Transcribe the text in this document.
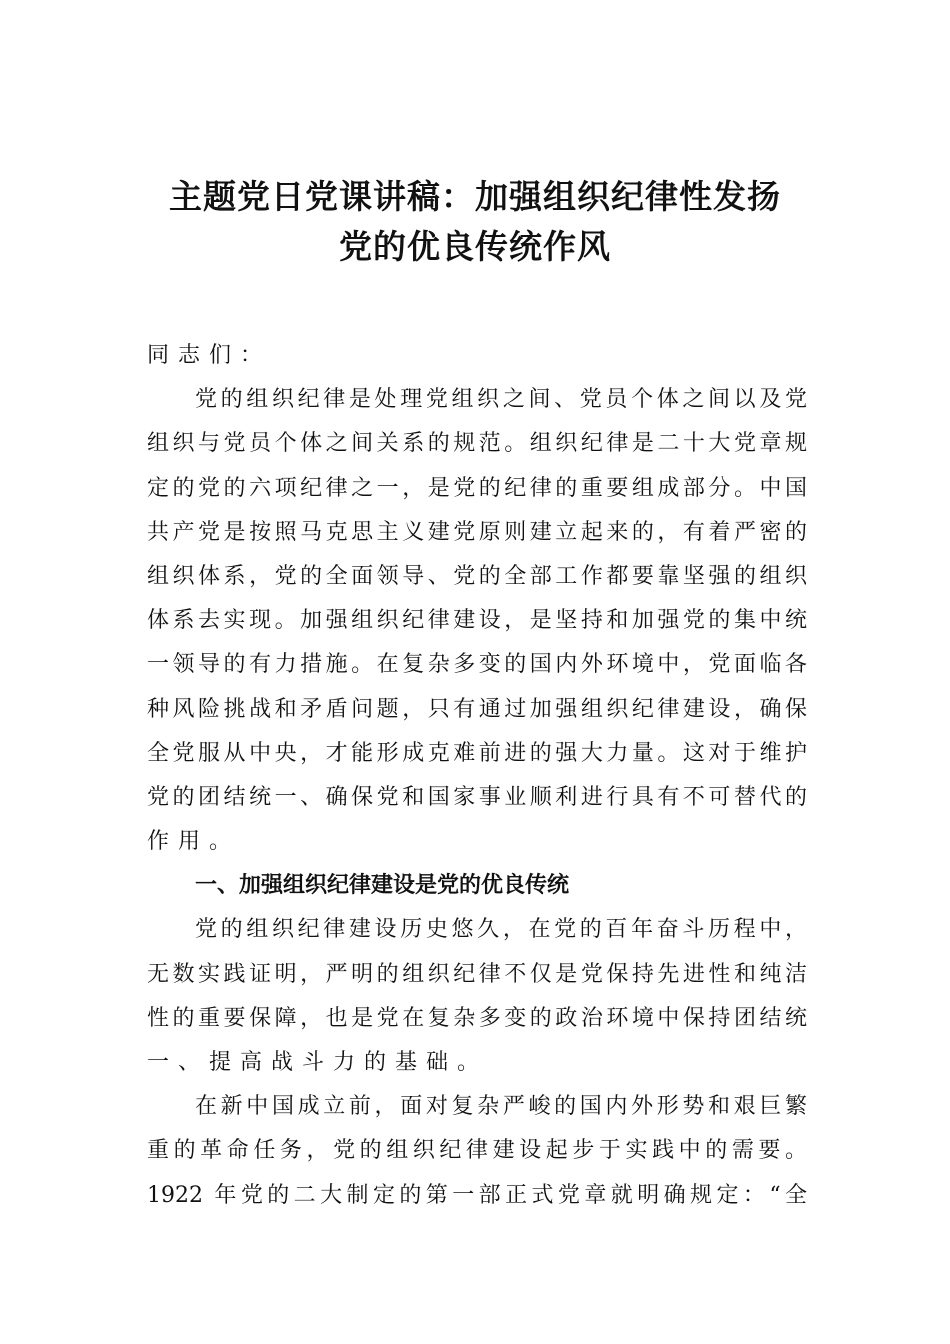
主题党日党课讲稿：加强组织纪律性发扬
党的优良传统作风
同志们：
党的组织纪律是处理党组织之间、党员个体之间以及党
组织与党员个体之间关系的规范。组织纪律是二十大党章规
定的党的六项纪律之一，是党的纪律的重要组成部分。中国
共产党是按照马克思主义建党原则建立起来的，有着严密的
组织体系，党的全面领导、党的全部工作都要靠坚强的组织
体系去实现。加强组织纪律建设，是坚持和加强党的集中统
一领导的有力措施。在复杂多变的国内外环境中，党面临各
种风险挑战和矛盾问题，只有通过加强组织纪律建设，确保
全党服从中央，才能形成克难前进的强大力量。这对于维护
党的团结统一、确保党和国家事业顺利进行具有不可替代的
作用。
一、加强组织纪律建设是党的优良传统
党的组织纪律建设历史悠久，在党的百年奋斗历程中，
无数实践证明，严明的组织纪律不仅是党保持先进性和纯洁
性的重要保障，也是党在复杂多变的政治环境中保持团结统
一、提高战斗力的基础。
在新中国成立前，面对复杂严峻的国内外形势和艰巨繁
重的革命任务，党的组织纪律建设起步于实践中的需要。
1922 年党的二大制定的第一部正式党章就明确规定：“全
